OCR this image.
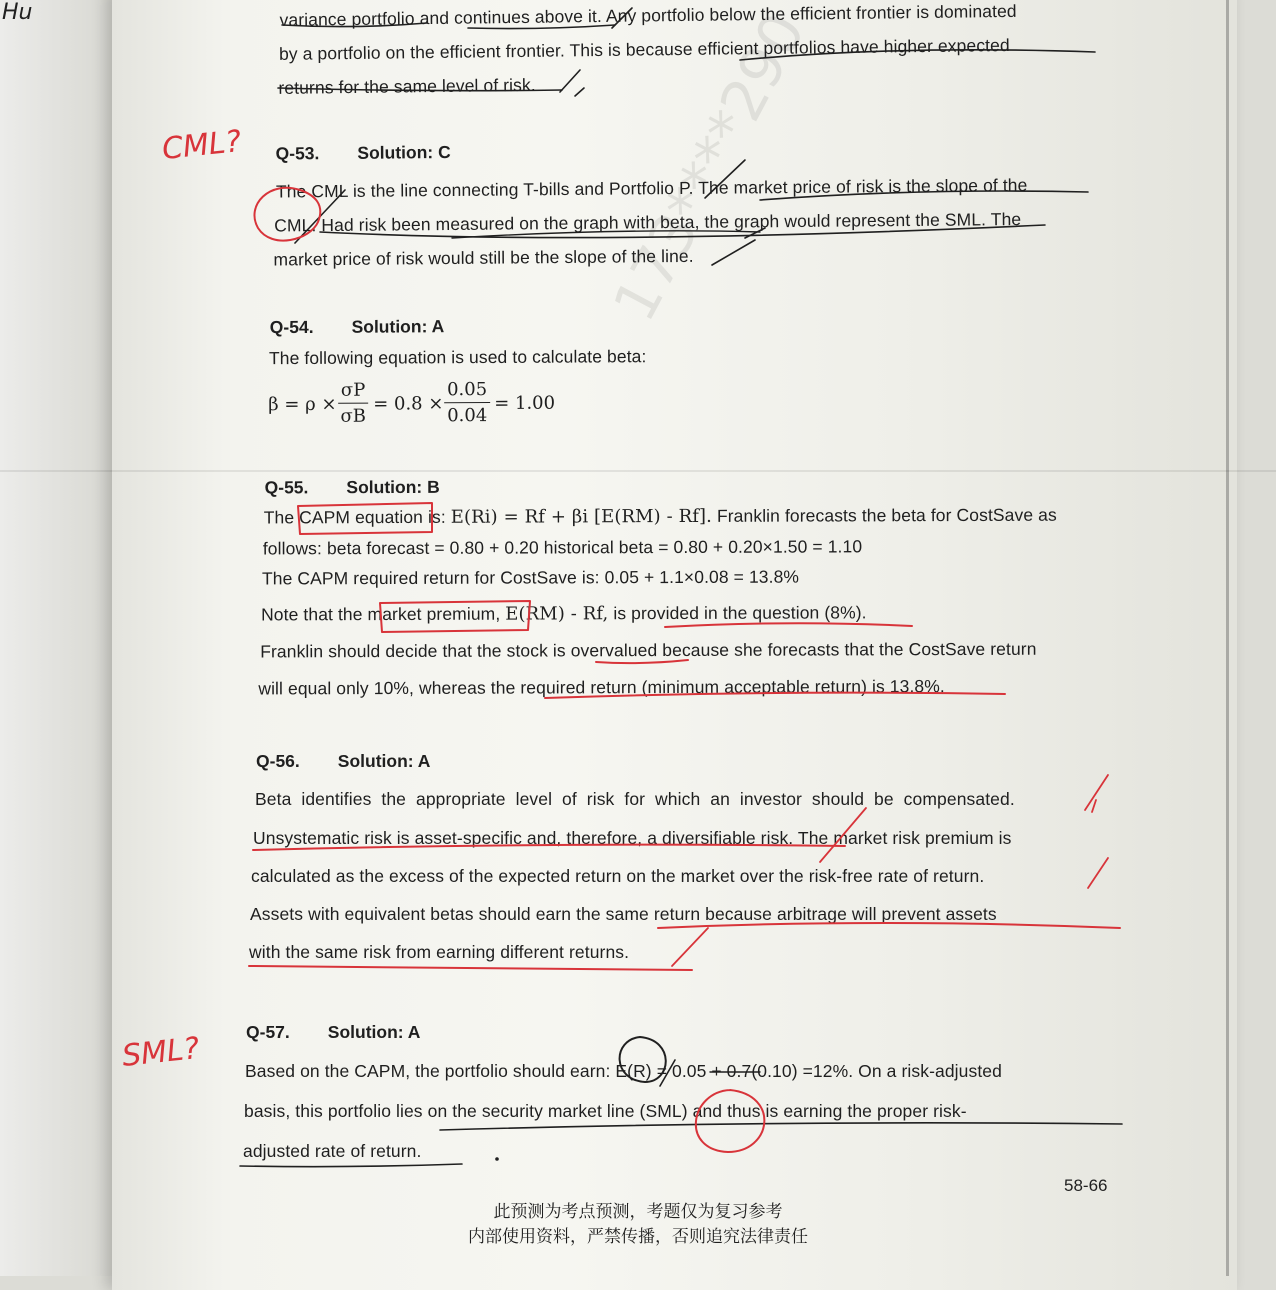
173****290
variance portfolio and continues above it. Any portfolio below the efficient frontier is dominated
by a portfolio on the efficient frontier. This is because efficient portfolios have higher expected
returns for the same level of risk.
Q-53. Solution: C
The CML is the line connecting T-bills and Portfolio P. The market price of risk is the slope of the
CML. Had risk been measured on the graph with beta, the graph would represent the SML. The
market price of risk would still be the slope of the line.
Q-54. Solution: A
The following equation is used to calculate beta:
β = ρ ×
σP
σB
= 0.8 ×
0.05
0.04
= 1.00
Q-55. Solution: B
The CAPM equation is: E(Ri) = Rf + βi [E(RM) - Rf]. Franklin forecasts the beta for CostSave as
follows: beta forecast = 0.80 + 0.20 historical beta = 0.80 + 0.20×1.50 = 1.10
The CAPM required return for CostSave is: 0.05 + 1.1×0.08 = 13.8%
Note that the market premium, E(RM) - Rf, is provided in the question (8%).
Franklin should decide that the stock is overvalued because she forecasts that the CostSave return
will equal only 10%, whereas the required return (minimum acceptable return) is 13.8%.
Q-56. Solution: A
Beta identifies the appropriate level of risk for which an investor should be compensated.
Unsystematic risk is asset-specific and, therefore, a diversifiable risk. The market risk premium is
calculated as the excess of the expected return on the market over the risk-free rate of return.
Assets with equivalent betas should earn the same return because arbitrage will prevent assets
with the same risk from earning different returns.
Q-57. Solution: A
Based on the CAPM, the portfolio should earn: E(R) = 0.05 + 0.7(0.10) =12%. On a risk-adjusted
basis, this portfolio lies on the security market line (SML) and thus is earning the proper risk-
adjusted rate of return.
58-66
此预测为考点预测，考题仅为复习参考
内部使用资料，严禁传播，否则追究法律责任
CML?
SML?
Hu
